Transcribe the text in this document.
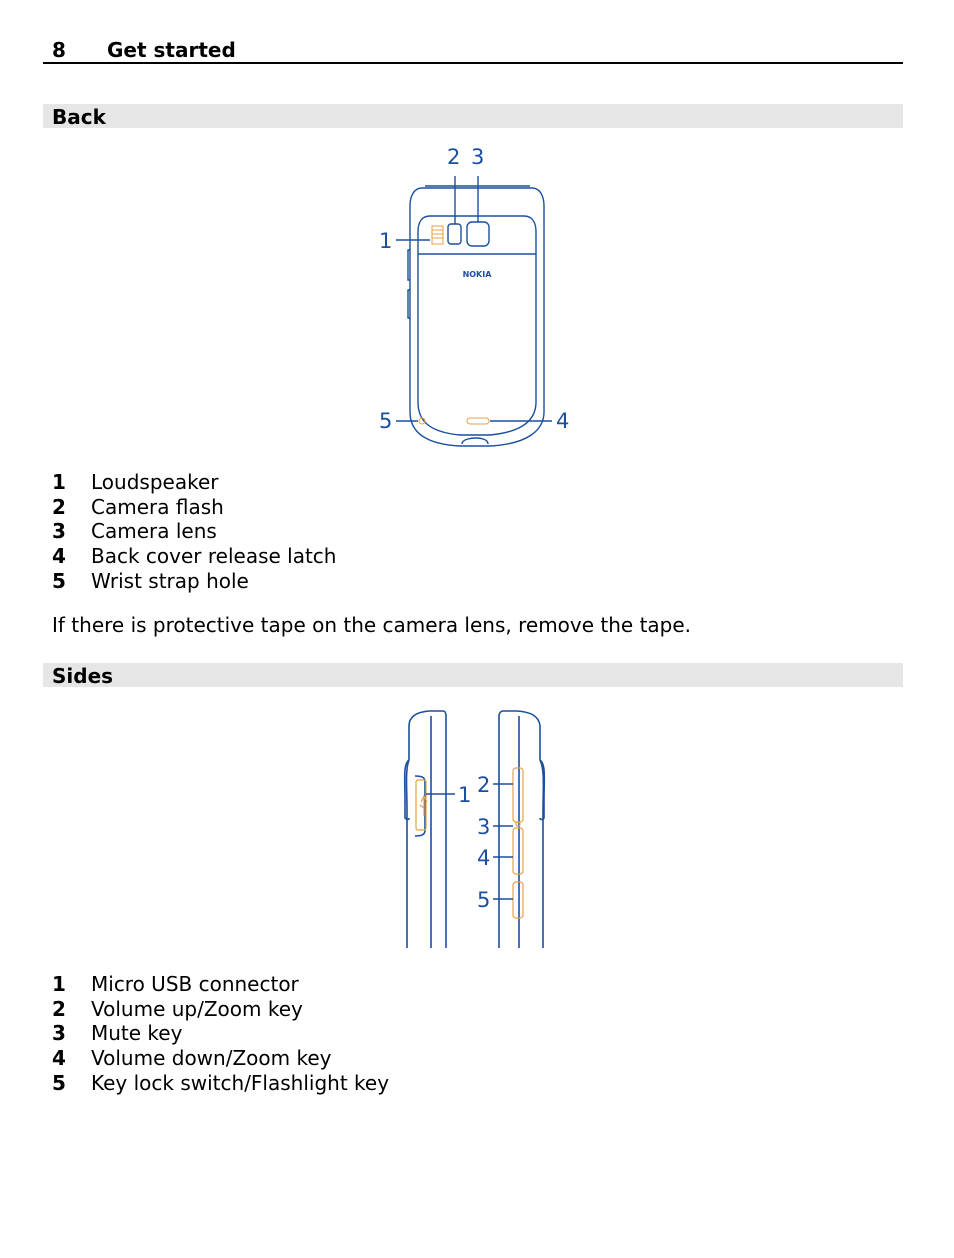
8 Get started
Back
NOKIA
1
2 3
4
5
1 Loudspeaker
2 Camera flash
3 Camera lens
4 Back cover release latch
5 Wrist strap hole
If there is protective tape on the camera lens, remove the tape.
Sides
1 2
3
4
5
1 Micro USB connector
2 Volume up/Zoom key
3 Mute key
4 Volume down/Zoom key
5 Key lock switch/Flashlight key
